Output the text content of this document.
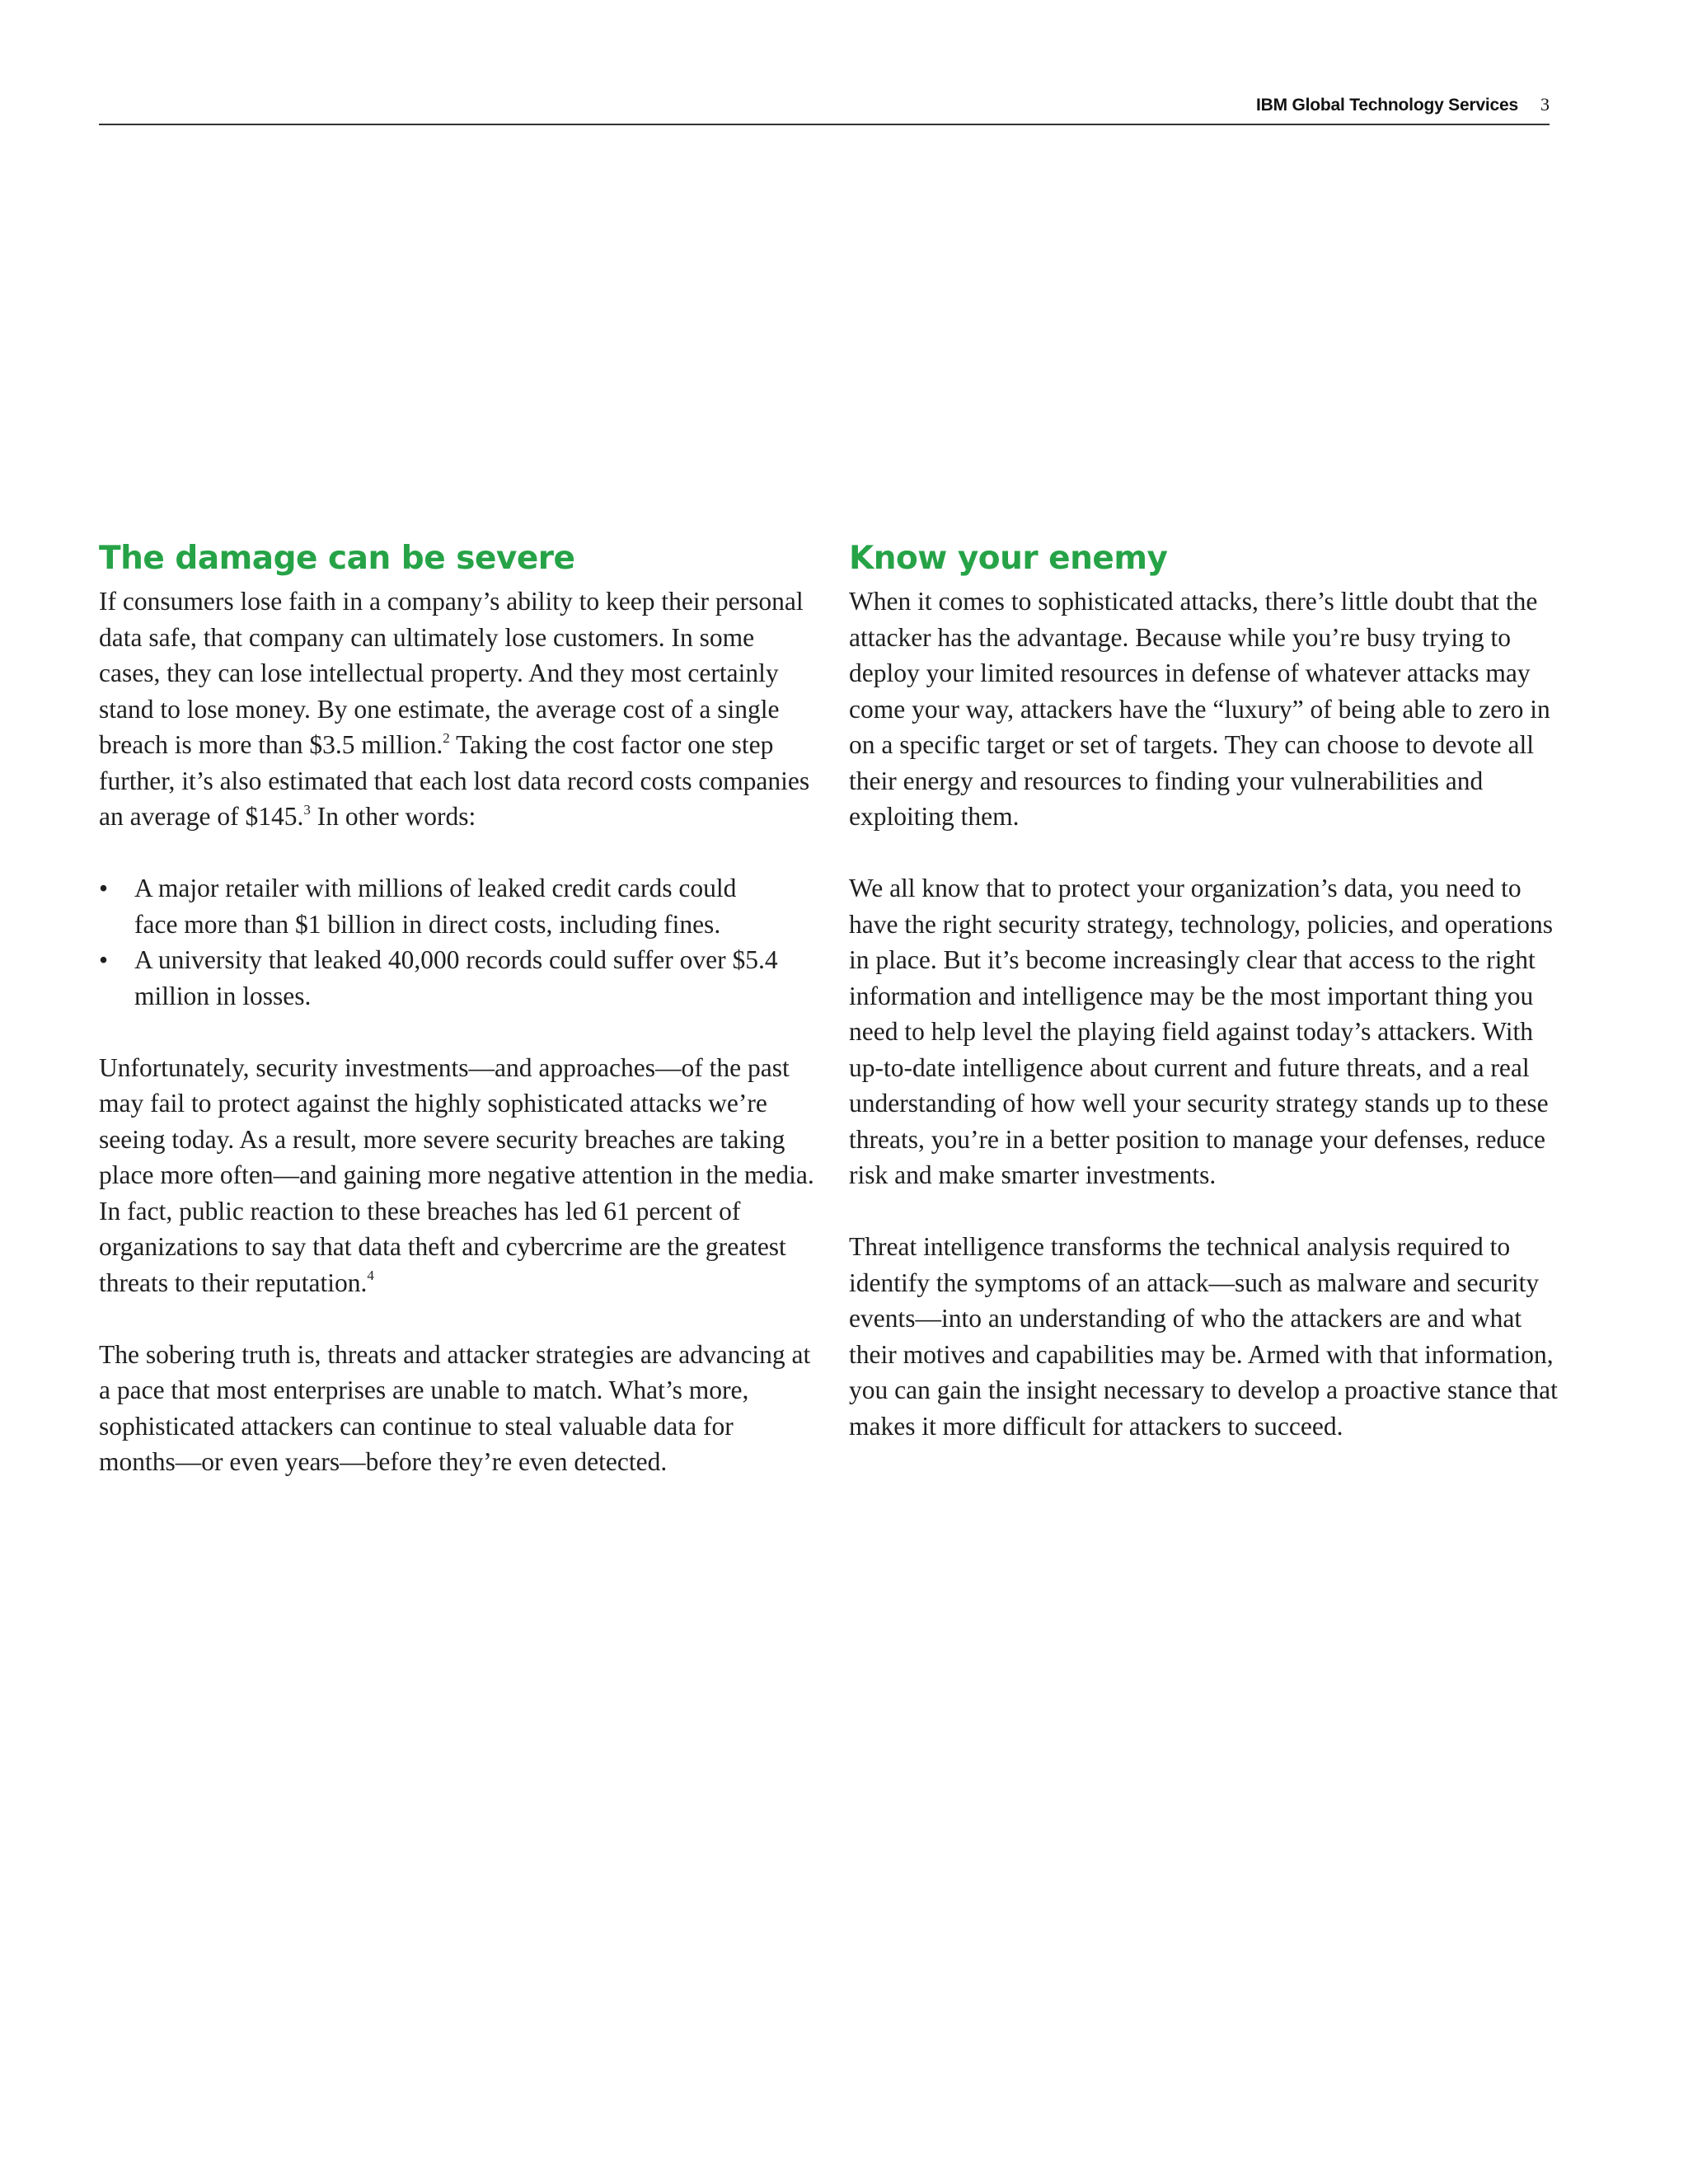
IBM Global Technology Services 3
The damage can be severe

If consumers lose faith in a company’s ability to keep their personal data safe, that company can ultimately lose customers. In some cases, they can lose intellectual property. And they most certainly stand to lose money. By one estimate, the average cost of a single breach is more than $3.5 million.$^2$ Taking the cost factor one step further, it’s also estimated that each lost data record costs companies an average of $145.$^3$ In other words:

• A major retailer with millions of leaked credit cards could face more than $1 billion in direct costs, including fines.
• A university that leaked 40,000 records could suffer over $5.4 million in losses.

Unfortunately, security investments—and approaches—of the past may fail to protect against the highly sophisticated attacks we’re seeing today. As a result, more severe security breaches are taking place more often—and gaining more negative attention in the media. In fact, public reaction to these breaches has led 61 percent of organizations to say that data theft and cybercrime are the greatest threats to their reputation.$^4$

The sobering truth is, threats and attacker strategies are advancing at a pace that most enterprises are unable to match. What’s more, sophisticated attackers can continue to steal valuable data for months—or even years—before they’re even detected.

Know your enemy

When it comes to sophisticated attacks, there’s little doubt that the attacker has the advantage. Because while you’re busy trying to deploy your limited resources in defense of whatever attacks may come your way, attackers have the “luxury” of being able to zero in on a specific target or set of targets. They can choose to devote all their energy and resources to finding your vulnerabilities and exploiting them.

We all know that to protect your organization’s data, you need to have the right security strategy, technology, policies, and operations in place. But it’s become increasingly clear that access to the right information and intelligence may be the most important thing you need to help level the playing field against today’s attackers. With up-to-date intelligence about current and future threats, and a real understanding of how well your security strategy stands up to these threats, you’re in a better position to manage your defenses, reduce risk and make smarter investments.

Threat intelligence transforms the technical analysis required to identify the symptoms of an attack—such as malware and security events—into an understanding of who the attackers are and what their motives and capabilities may be. Armed with that information, you can gain the insight necessary to develop a proactive stance that makes it more difficult for attackers to succeed.
